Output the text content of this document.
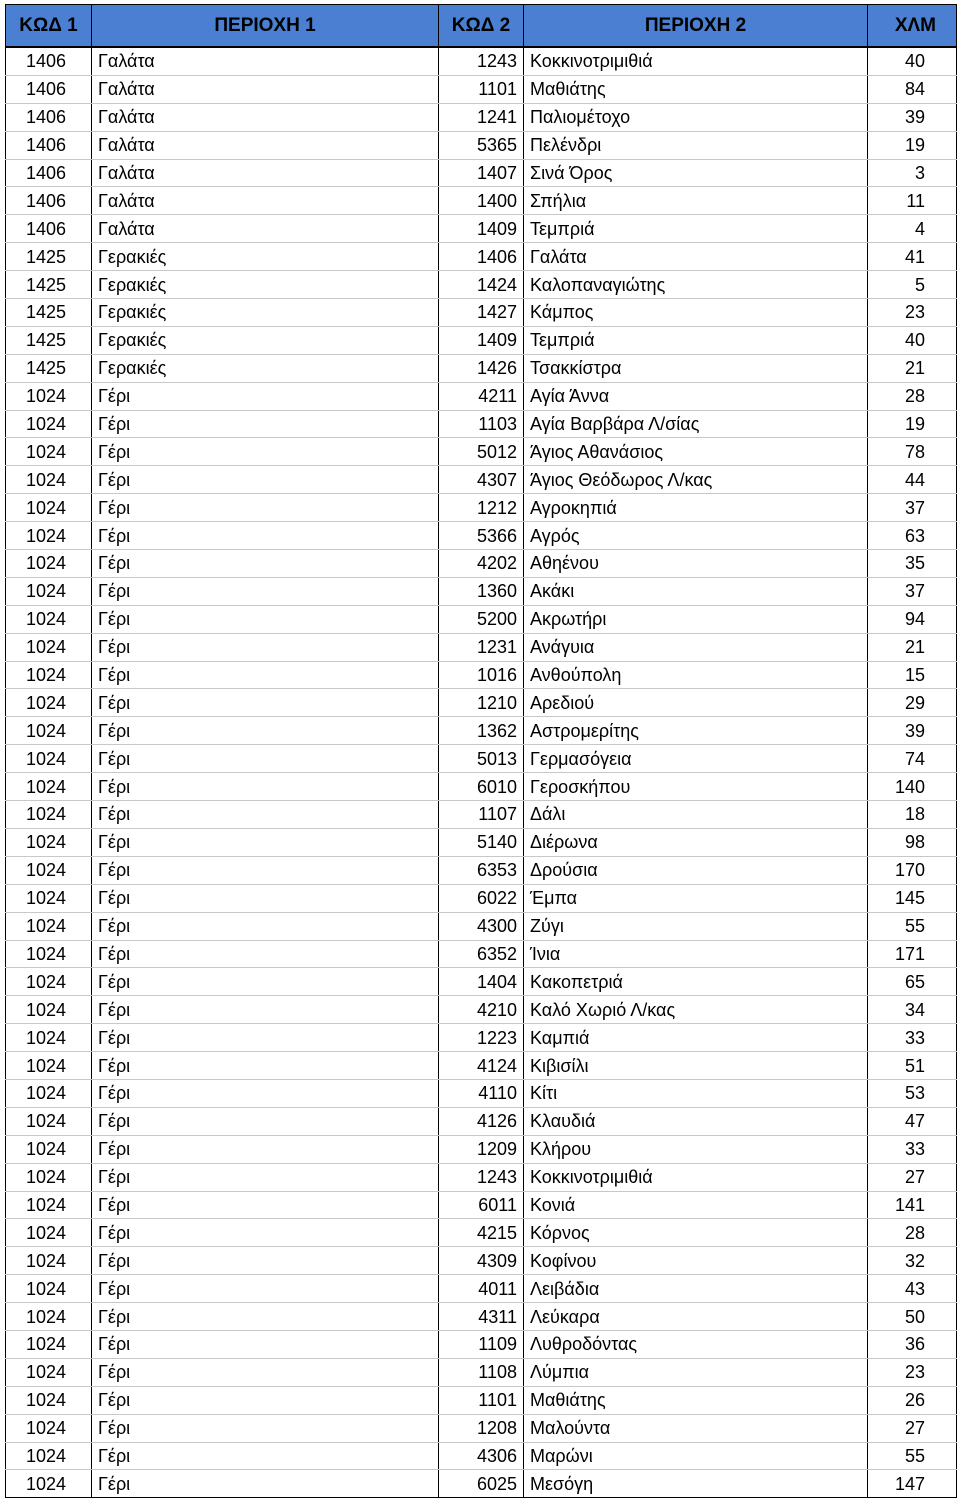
ΚΩΔ 1	ΠΕΡΙΟΧΗ 1	ΚΩΔ 2	ΠΕΡΙΟΧΗ 2	ΧΛΜ
1406	Γαλάτα	1243	Κοκκινοτριμιθιά	40
1406	Γαλάτα	1101	Μαθιάτης	84
1406	Γαλάτα	1241	Παλιομέτοχο	39
1406	Γαλάτα	5365	Πελένδρι	19
1406	Γαλάτα	1407	Σινά Όρος	3
1406	Γαλάτα	1400	Σπήλια	11
1406	Γαλάτα	1409	Τεμπριά	4
1425	Γερακιές	1406	Γαλάτα	41
1425	Γερακιές	1424	Καλοπαναγιώτης	5
1425	Γερακιές	1427	Κάμπος	23
1425	Γερακιές	1409	Τεμπριά	40
1425	Γερακιές	1426	Τσακκίστρα	21
1024	Γέρι	4211	Αγία Άννα	28
1024	Γέρι	1103	Αγία Βαρβάρα Λ/σίας	19
1024	Γέρι	5012	Άγιος Αθανάσιος	78
1024	Γέρι	4307	Άγιος Θεόδωρος Λ/κας	44
1024	Γέρι	1212	Αγροκηπιά	37
1024	Γέρι	5366	Αγρός	63
1024	Γέρι	4202	Αθηένου	35
1024	Γέρι	1360	Ακάκι	37
1024	Γέρι	5200	Ακρωτήρι	94
1024	Γέρι	1231	Ανάγυια	21
1024	Γέρι	1016	Ανθούπολη	15
1024	Γέρι	1210	Αρεδιού	29
1024	Γέρι	1362	Αστρομερίτης	39
1024	Γέρι	5013	Γερμασόγεια	74
1024	Γέρι	6010	Γεροσκήπου	140
1024	Γέρι	1107	Δάλι	18
1024	Γέρι	5140	Διέρωνα	98
1024	Γέρι	6353	Δρούσια	170
1024	Γέρι	6022	Έμπα	145
1024	Γέρι	4300	Ζύγι	55
1024	Γέρι	6352	Ίνια	171
1024	Γέρι	1404	Κακοπετριά	65
1024	Γέρι	4210	Καλό Χωριό Λ/κας	34
1024	Γέρι	1223	Καμπιά	33
1024	Γέρι	4124	Κιβισίλι	51
1024	Γέρι	4110	Κίτι	53
1024	Γέρι	4126	Κλαυδιά	47
1024	Γέρι	1209	Κλήρου	33
1024	Γέρι	1243	Κοκκινοτριμιθιά	27
1024	Γέρι	6011	Κονιά	141
1024	Γέρι	4215	Κόρνος	28
1024	Γέρι	4309	Κοφίνου	32
1024	Γέρι	4011	Λειβάδια	43
1024	Γέρι	4311	Λεύκαρα	50
1024	Γέρι	1109	Λυθροδόντας	36
1024	Γέρι	1108	Λύμπια	23
1024	Γέρι	1101	Μαθιάτης	26
1024	Γέρι	1208	Μαλούντα	27
1024	Γέρι	4306	Μαρώνι	55
1024	Γέρι	6025	Μεσόγη	147
